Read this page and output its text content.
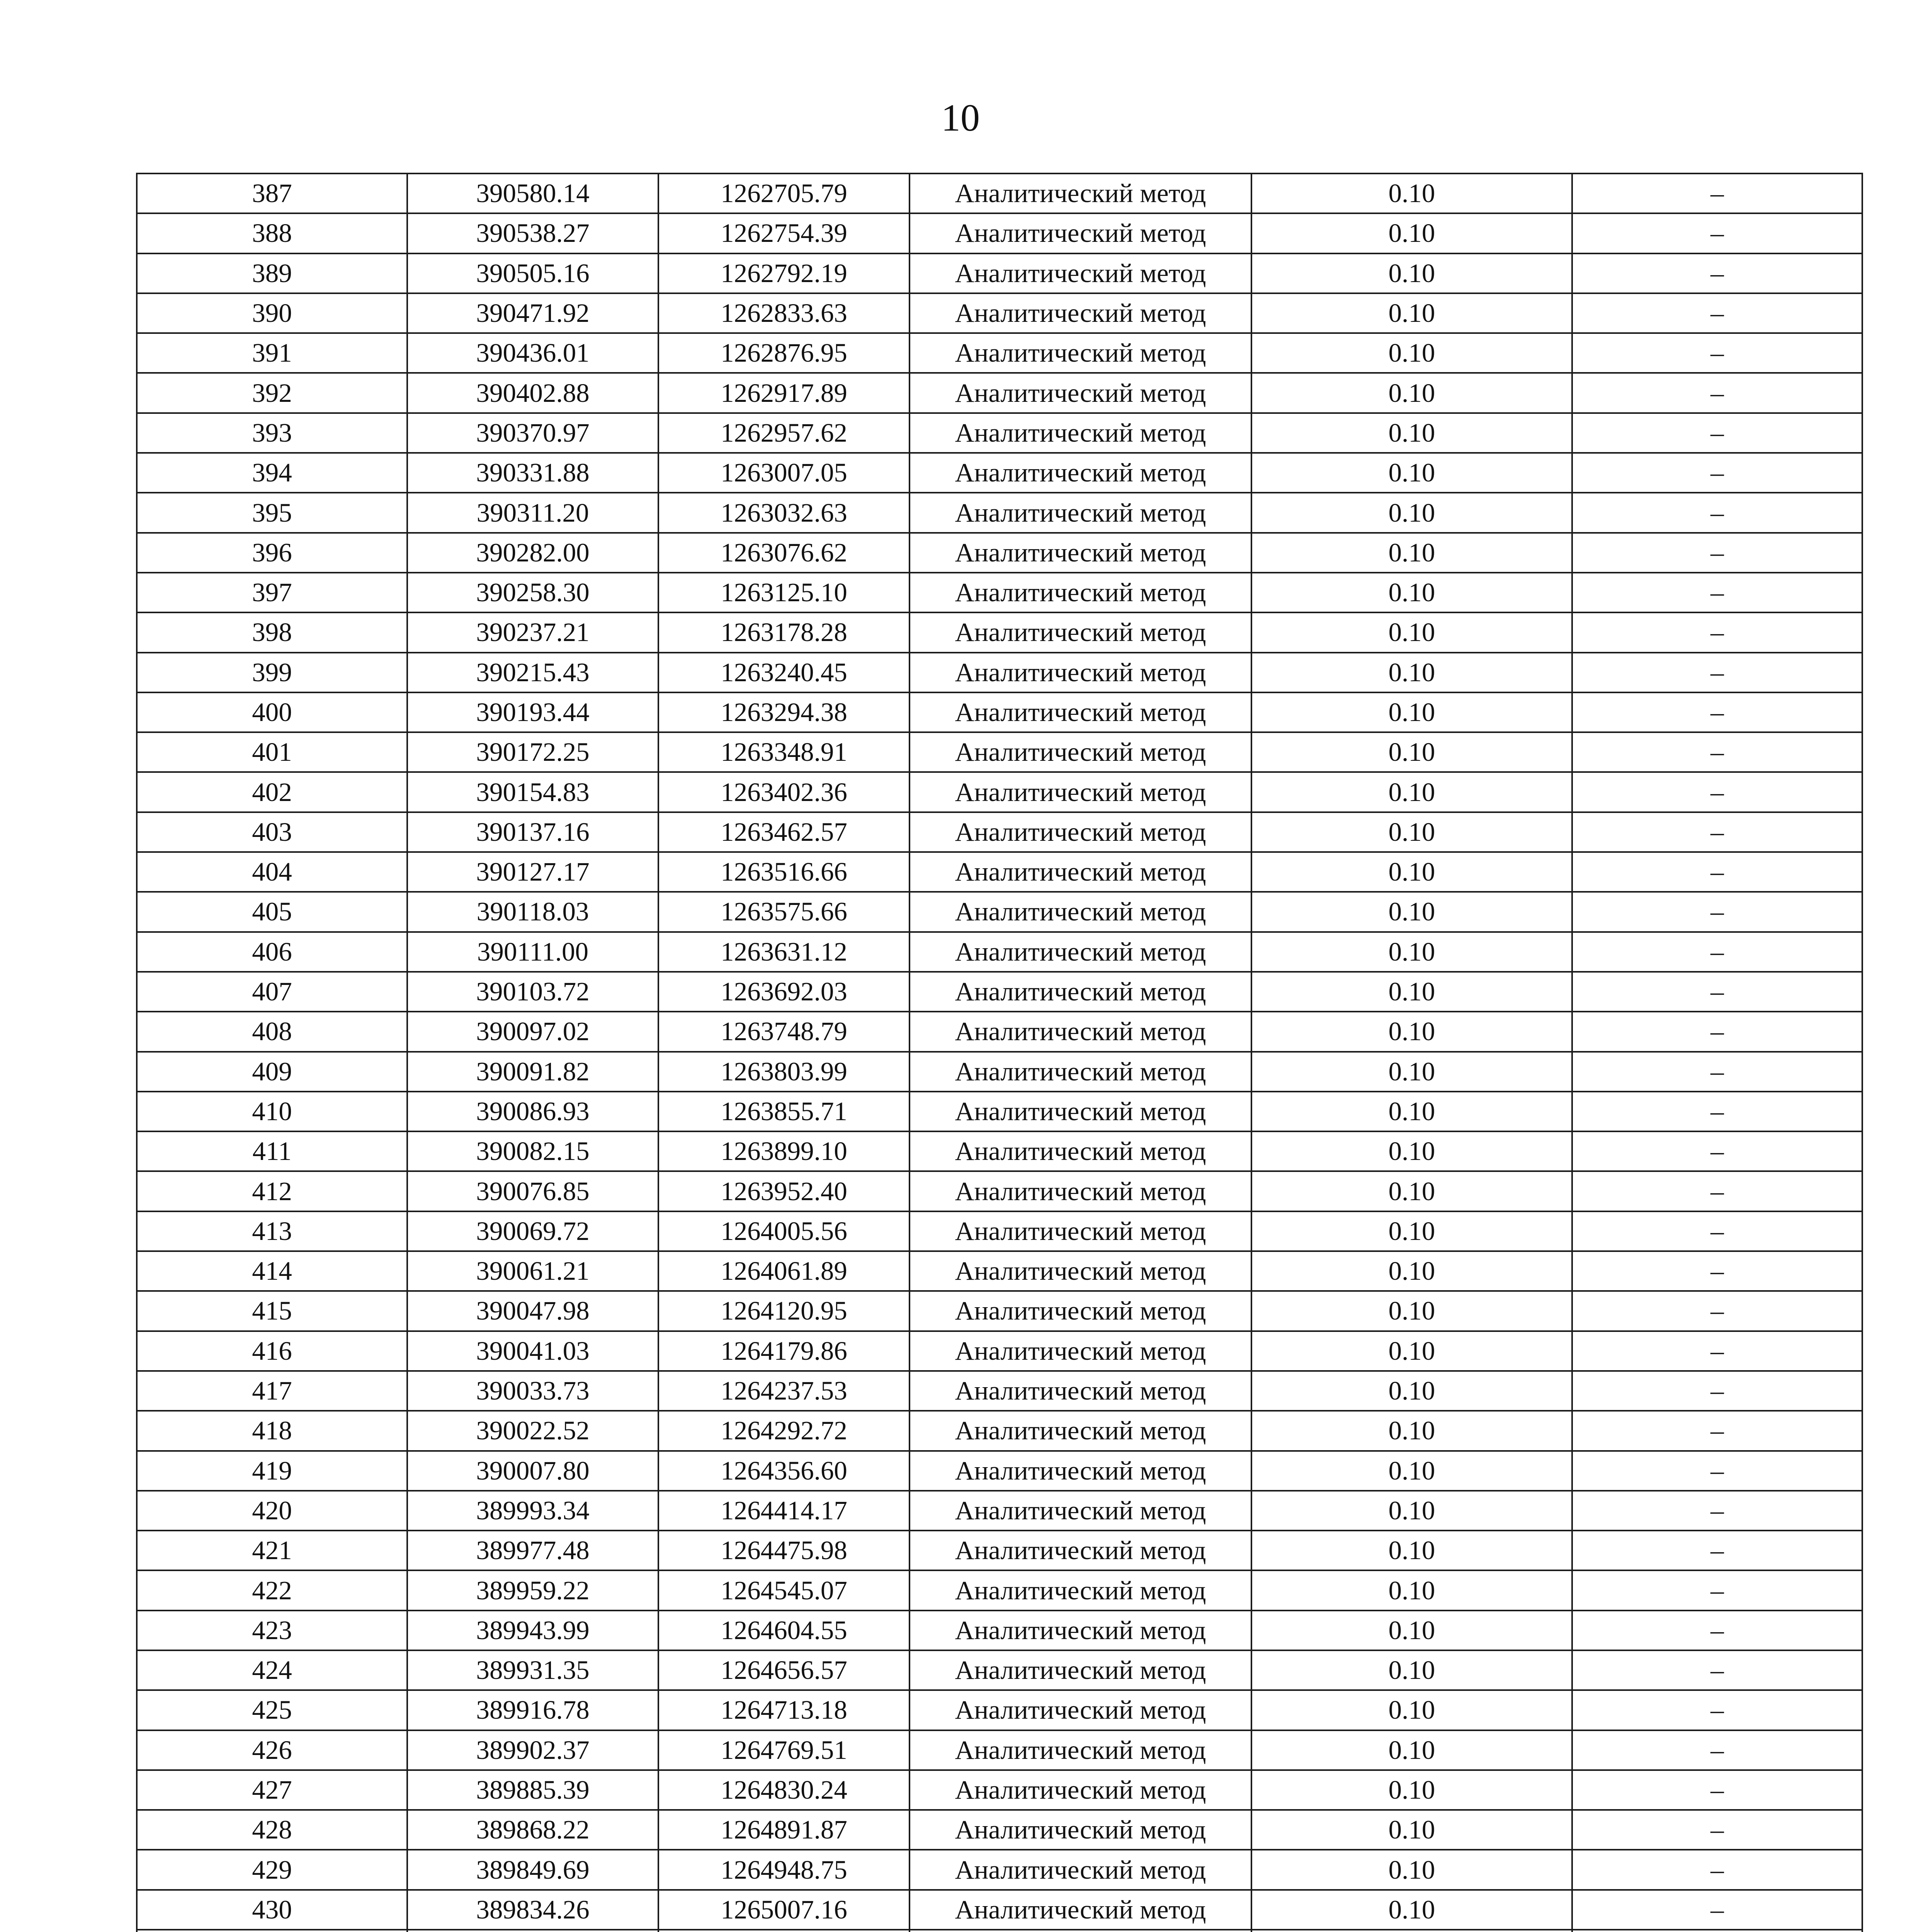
10
387	390580.14	1262705.79	Аналитический метод	0.10	–
388	390538.27	1262754.39	Аналитический метод	0.10	–
389	390505.16	1262792.19	Аналитический метод	0.10	–
390	390471.92	1262833.63	Аналитический метод	0.10	–
391	390436.01	1262876.95	Аналитический метод	0.10	–
392	390402.88	1262917.89	Аналитический метод	0.10	–
393	390370.97	1262957.62	Аналитический метод	0.10	–
394	390331.88	1263007.05	Аналитический метод	0.10	–
395	390311.20	1263032.63	Аналитический метод	0.10	–
396	390282.00	1263076.62	Аналитический метод	0.10	–
397	390258.30	1263125.10	Аналитический метод	0.10	–
398	390237.21	1263178.28	Аналитический метод	0.10	–
399	390215.43	1263240.45	Аналитический метод	0.10	–
400	390193.44	1263294.38	Аналитический метод	0.10	–
401	390172.25	1263348.91	Аналитический метод	0.10	–
402	390154.83	1263402.36	Аналитический метод	0.10	–
403	390137.16	1263462.57	Аналитический метод	0.10	–
404	390127.17	1263516.66	Аналитический метод	0.10	–
405	390118.03	1263575.66	Аналитический метод	0.10	–
406	390111.00	1263631.12	Аналитический метод	0.10	–
407	390103.72	1263692.03	Аналитический метод	0.10	–
408	390097.02	1263748.79	Аналитический метод	0.10	–
409	390091.82	1263803.99	Аналитический метод	0.10	–
410	390086.93	1263855.71	Аналитический метод	0.10	–
411	390082.15	1263899.10	Аналитический метод	0.10	–
412	390076.85	1263952.40	Аналитический метод	0.10	–
413	390069.72	1264005.56	Аналитический метод	0.10	–
414	390061.21	1264061.89	Аналитический метод	0.10	–
415	390047.98	1264120.95	Аналитический метод	0.10	–
416	390041.03	1264179.86	Аналитический метод	0.10	–
417	390033.73	1264237.53	Аналитический метод	0.10	–
418	390022.52	1264292.72	Аналитический метод	0.10	–
419	390007.80	1264356.60	Аналитический метод	0.10	–
420	389993.34	1264414.17	Аналитический метод	0.10	–
421	389977.48	1264475.98	Аналитический метод	0.10	–
422	389959.22	1264545.07	Аналитический метод	0.10	–
423	389943.99	1264604.55	Аналитический метод	0.10	–
424	389931.35	1264656.57	Аналитический метод	0.10	–
425	389916.78	1264713.18	Аналитический метод	0.10	–
426	389902.37	1264769.51	Аналитический метод	0.10	–
427	389885.39	1264830.24	Аналитический метод	0.10	–
428	389868.22	1264891.87	Аналитический метод	0.10	–
429	389849.69	1264948.75	Аналитический метод	0.10	–
430	389834.26	1265007.16	Аналитический метод	0.10	–
